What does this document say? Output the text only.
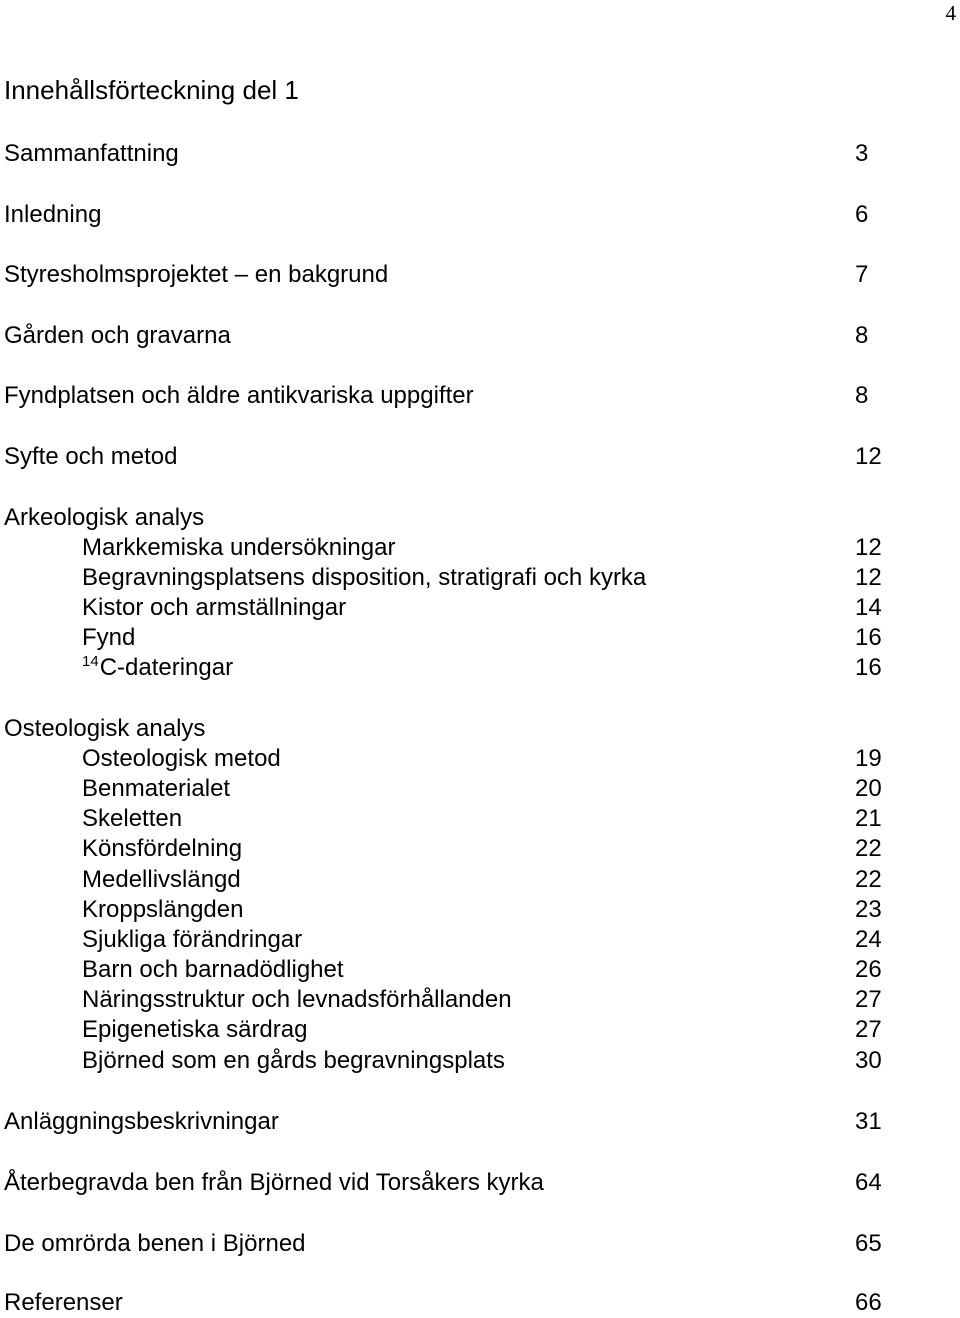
4
Innehållsförteckning del 1
Sammanfattning	3
Inledning	6
Styresholmsprojektet – en bakgrund	7
Gården och gravarna	8
Fyndplatsen och äldre antikvariska uppgifter	8
Syfte och metod	12
Arkeologisk analys
Markkemiska undersökningar	12
Begravningsplatsens disposition, stratigrafi och kyrka	12
Kistor och armställningar	14
Fynd	16
$^{14}$C-dateringar	16
Osteologisk analys
Osteologisk metod	19
Benmaterialet	20
Skeletten	21
Könsfördelning	22
Medellivslängd	22
Kroppslängden	23
Sjukliga förändringar	24
Barn och barnadödlighet	26
Näringsstruktur och levnadsförhållanden	27
Epigenetiska särdrag	27
Björned som en gårds begravningsplats	30
Anläggningsbeskrivningar	31
Återbegravda ben från Björned vid Torsåkers kyrka	64
De omrörda benen i Björned	65
Referenser	66
